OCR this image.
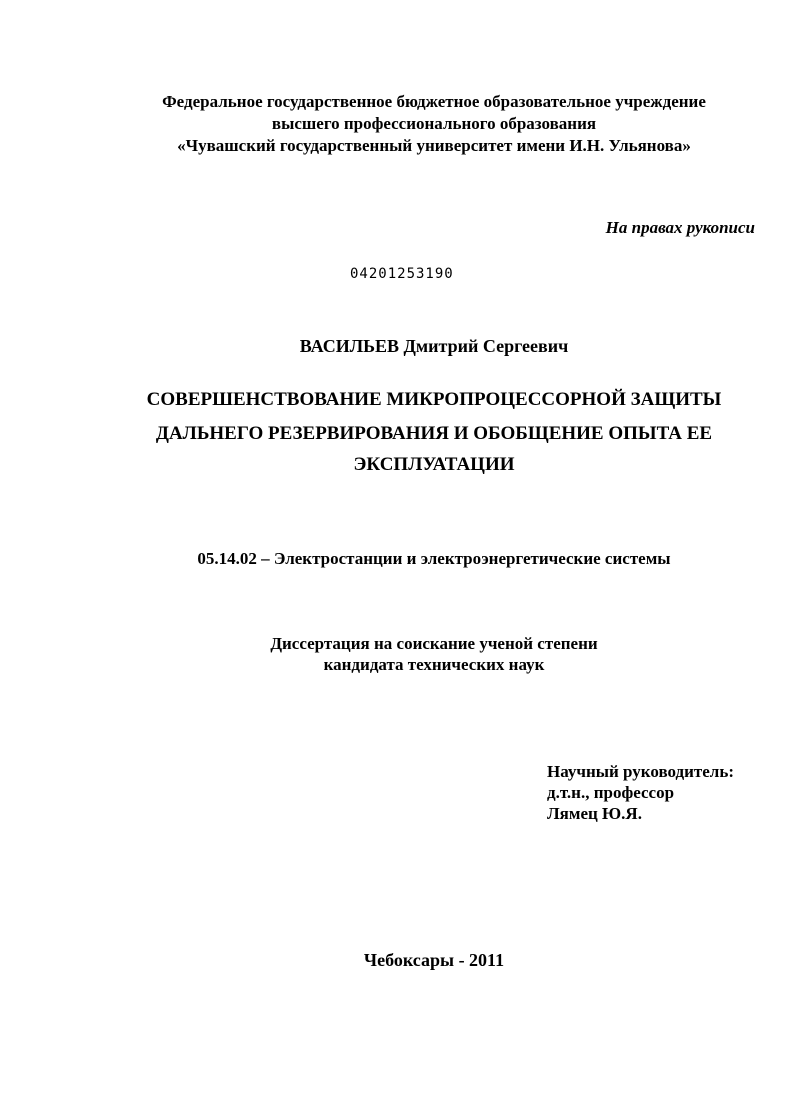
Федеральное государственное бюджетное образовательное учреждение
высшего профессионального образования
«Чувашский государственный университет имени И.Н. Ульянова»
На правах рукописи
04201253190
ВАСИЛЬЕВ Дмитрий Сергеевич
СОВЕРШЕНСТВОВАНИЕ МИКРОПРОЦЕССОРНОЙ ЗАЩИТЫ
ДАЛЬНЕГО РЕЗЕРВИРОВАНИЯ И ОБОБЩЕНИЕ ОПЫТА ЕЕ
ЭКСПЛУАТАЦИИ
05.14.02 – Электростанции и электроэнергетические системы
Диссертация на соискание ученой степени
кандидата технических наук
Научный руководитель:
д.т.н., профессор
Лямец Ю.Я.
Чебоксары - 2011
